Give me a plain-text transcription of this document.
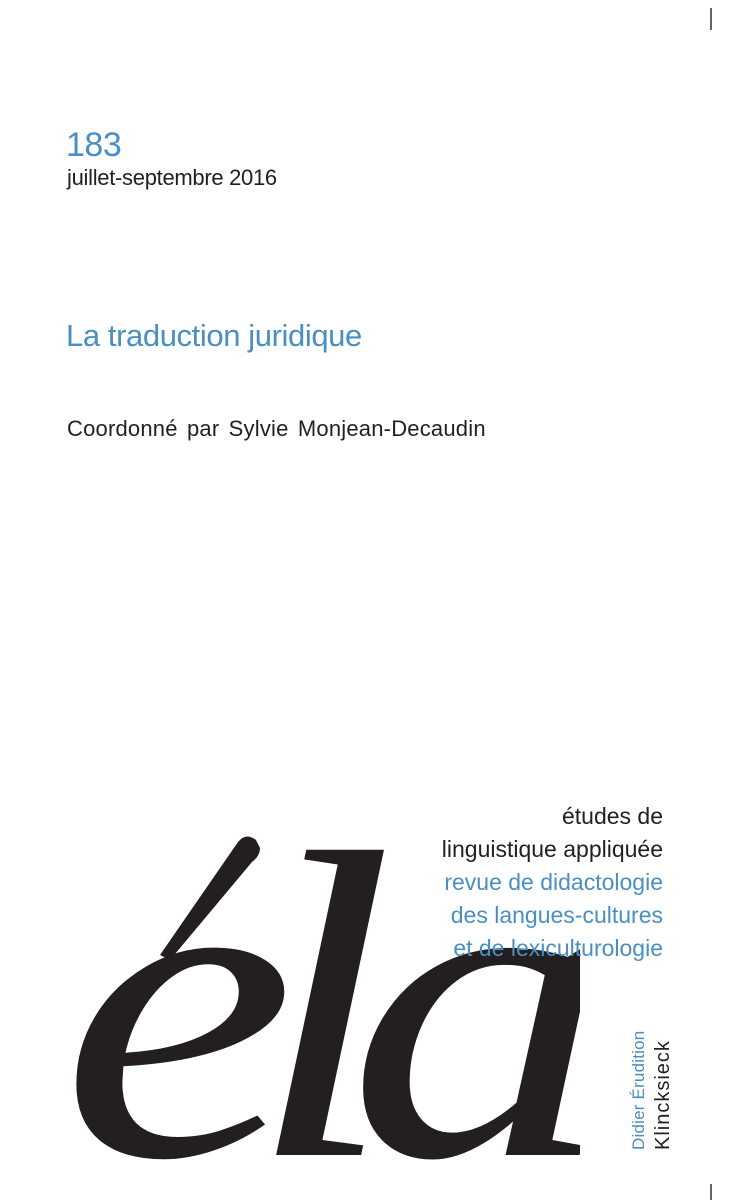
183
juillet-septembre 2016
La traduction juridique
Coordonné par Sylvie Monjean-Decaudin
ela
études de
linguistique appliquée
revue de didactologie
des langues-cultures
et de lexiculturologie
Didier Érudition Klincksieck
